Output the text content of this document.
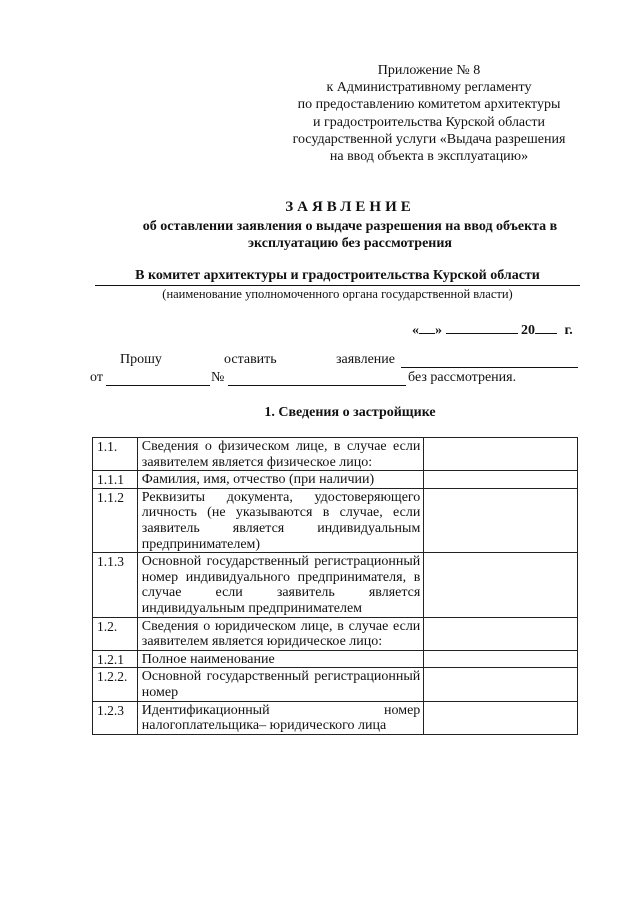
Приложение № 8
к Административному регламенту
по предоставлению комитетом архитектуры
и градостроительства Курской области
государственной услуги «Выдача разрешения
на ввод объекта в эксплуатацию»
ЗАЯВЛЕНИЕ
об оставлении заявления о выдаче разрешения на ввод объекта в
эксплуатацию без рассмотрения
В комитет архитектуры и градостроительства Курской области
(наименование уполномоченного органа государственной власти)
« »	20 г.
Прошу	оставить	заявление
от	№	без рассмотрения.
1. Сведения о застройщике
1.1.	Сведения о физическом лице, в случае если заявителем является физическое лицо:	
1.1.1	Фамилия, имя, отчество (при наличии)	
1.1.2	Реквизиты документа, удостоверяющего личность (не указываются в случае, если заявитель является индивидуальным предпринимателем)	
1.1.3	Основной государственный регистрационный номер индивидуального предпринимателя, в случае если заявитель является индивидуальным предпринимателем	
1.2.	Сведения о юридическом лице, в случае если заявителем является юридическое лицо:	
1.2.1	Полное наименование	
1.2.2.	Основной государственный регистрационный номер	
1.2.3	Идентификационный номер налогоплательщика– юридического лица	
